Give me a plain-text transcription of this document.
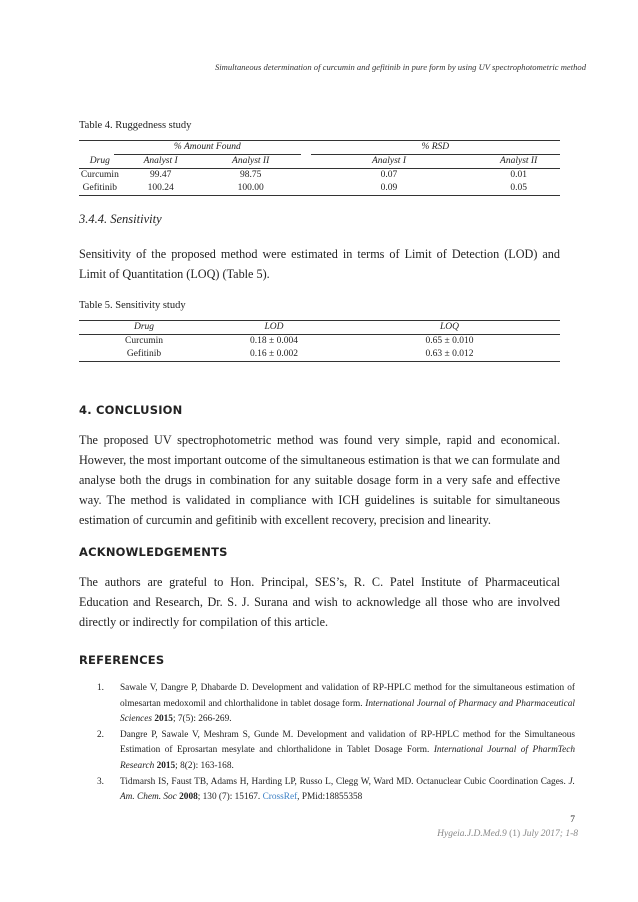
Simultaneous determination of curcumin and gefitinib in pure form by using UV spectrophotometric method
Table 4. Ruggedness study
	% Amount Found				% RSD	
Drug		Analyst I	Analyst II	Analyst I		Analyst II
Curcumin		99.47	98.75	0.07		0.01
Gefitinib		100.24	100.00	0.09		0.05
3.4.4. Sensitivity
Sensitivity of the proposed method were estimated in terms of Limit of Detection (LOD) and Limit of Quantitation (LOQ) (Table 5).
Table 5. Sensitivity study
Drug	LOD	LOQ
Curcumin	0.18 ± 0.004	0.65 ± 0.010
Gefitinib	0.16 ± 0.002	0.63 ± 0.012
4. CONCLUSION
The proposed UV spectrophotometric method was found very simple, rapid and economical. However, the most important outcome of the simultaneous estimation is that we can formulate and analyse both the drugs in combination for any suitable dosage form in a very safe and effective way. The method is validated in compliance with ICH guidelines is suitable for simultaneous estimation of curcumin and gefitinib with excellent recovery, precision and linearity.
ACKNOWLEDGEMENTS
The authors are grateful to Hon. Principal, SES’s, R. C. Patel Institute of Pharmaceutical Education and Research, Dr. S. J. Surana and wish to acknowledge all those who are involved directly or indirectly for compilation of this article.
REFERENCES
1. Sawale V, Dangre P, Dhabarde D. Development and validation of RP-HPLC method for the simultaneous estimation of olmesartan medoxomil and chlorthalidone in tablet dosage form. International Journal of Pharmacy and Pharmaceutical Sciences 2015; 7(5): 266-269.
2. Dangre P, Sawale V, Meshram S, Gunde M. Development and validation of RP-HPLC method for the Simultaneous Estimation of Eprosartan mesylate and chlorthalidone in Tablet Dosage Form. International Journal of PharmTech Research 2015; 8(2): 163-168.
3. Tidmarsh IS, Faust TB, Adams H, Harding LP, Russo L, Clegg W, Ward MD. Octanuclear Cubic Coordination Cages. J. Am. Chem. Soc 2008; 130 (7): 15167. CrossRef, PMid:18855358
7
Hygeia.J.D.Med.9 (1) July 2017; 1-8
